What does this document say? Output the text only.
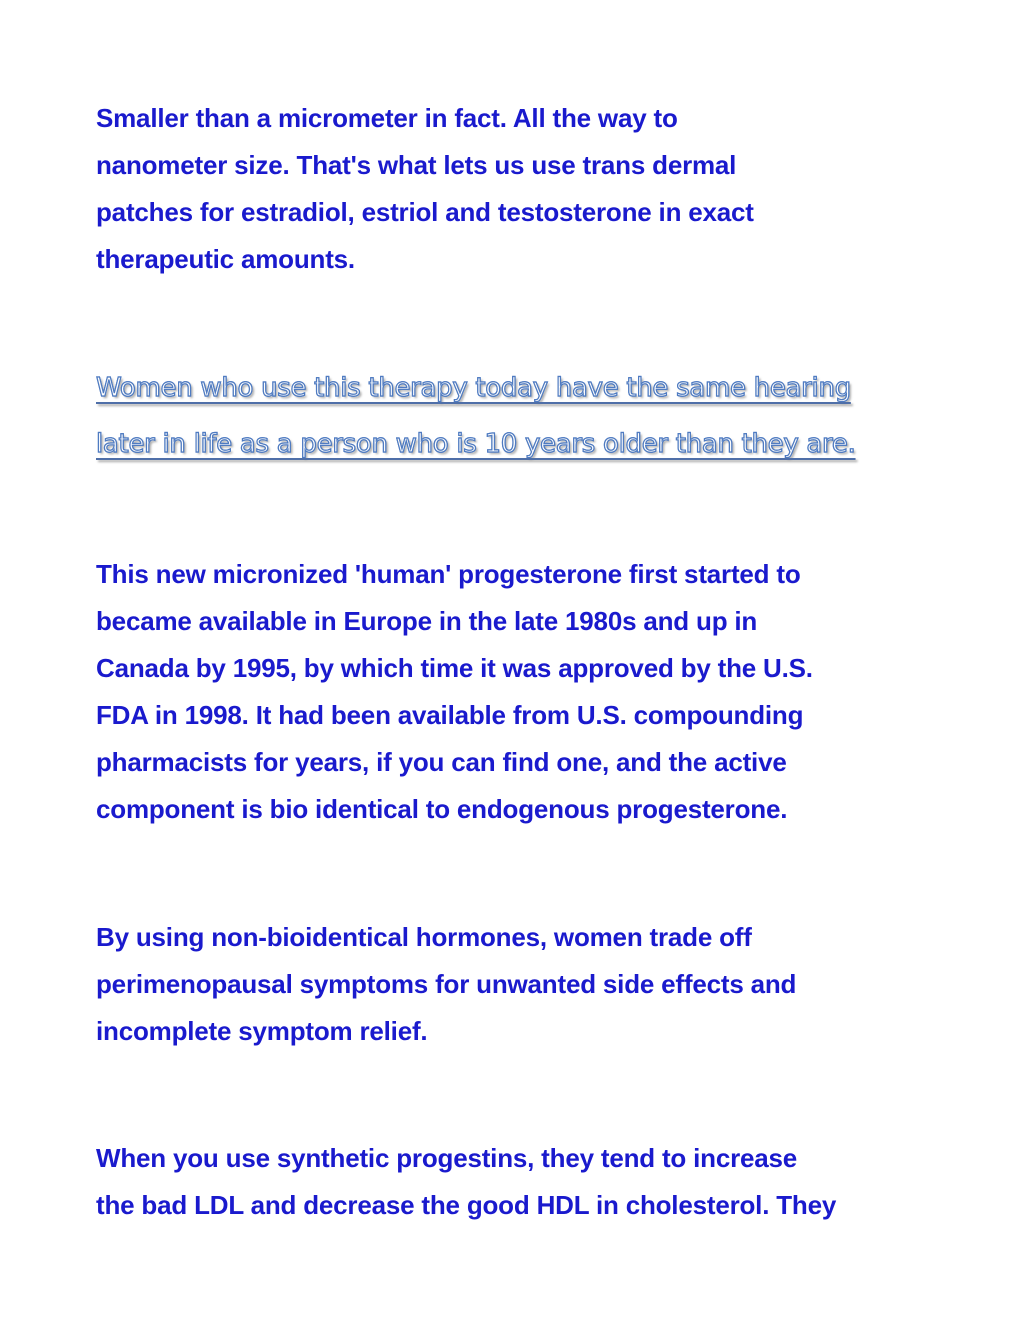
Smaller than a micrometer in fact. All the way to
nanometer size. That's what lets us use trans dermal
patches for estradiol, estriol and testosterone in exact
therapeutic amounts.

Women who use this therapy today have the same hearing
later in life as a person who is 10 years older than they are.

This new micronized 'human' progesterone first started to
became available in Europe in the late 1980s and up in
Canada by 1995, by which time it was approved by the U.S.
FDA in 1998. It had been available from U.S. compounding
pharmacists for years, if you can find one, and the active
component is bio identical to endogenous progesterone.

By using non-bioidentical hormones, women trade off
perimenopausal symptoms for unwanted side effects and
incomplete symptom relief.

When you use synthetic progestins, they tend to increase
the bad LDL and decrease the good HDL in cholesterol. They
